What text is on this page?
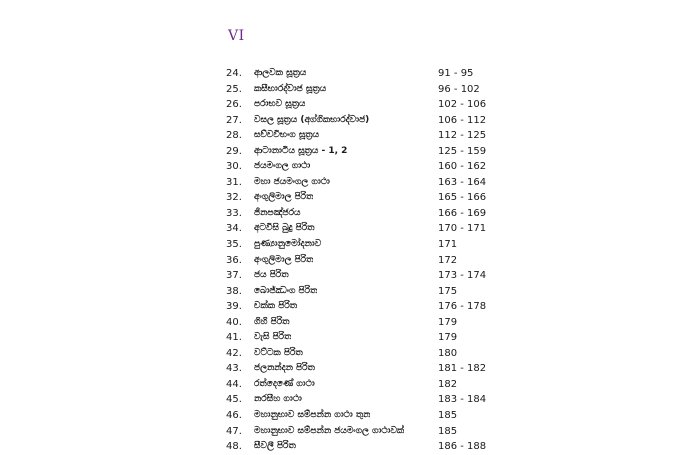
VI
24.	ආලවක සූත්‍රය	91 - 95
25.	කසීභාරද්වාජ සූත්‍රය	96 - 102
26.	පරාභව සූත්‍රය	102 - 106
27.	වසල සූත්‍රය (අග්ගිකභාරද්වාජ)	106 - 112
28.	සච්චවිභංග සූත්‍රය	112 - 125
29.	ආටානාටිය සූත්‍රය - 1, 2	125 - 159
30.	ජයමංගල ගාථා	160 - 162
31.	මහා ජයමංගල ගාථා	163 - 164
32.	අංගුලිමාල පිරිත	165 - 166
33.	ජිනපඤ්ජරය	166 - 169
34.	අටවිසි බුදු පිරිත	170 - 171
35.	පුණ්‍යානුමෝදනාව	171
36.	අංගුලිමාල පිරිත	172
37.	ජය පිරිත	173 - 174
38.	බොජ්ඣංග පිරිත	175
39.	චක්ක පිරිත	176 - 178
40.	ගිහි පිරිත	179
41.	වැසි පිරිත	179
42.	වට්ටක පිරිත	180
43.	ජලනන්දන පිරිත	181 - 182
44.	රත්‍දෙණේ ගාථා	182
45.	නරසීහ ගාථා	183 - 184
46.	මහානුභාව සම්පන්න ගාථා තුන	185
47.	මහානුභාව සම්පන්න ජයමංගල ගාථාවක්	185
48.	සීවලී පිරිත	186 - 188
